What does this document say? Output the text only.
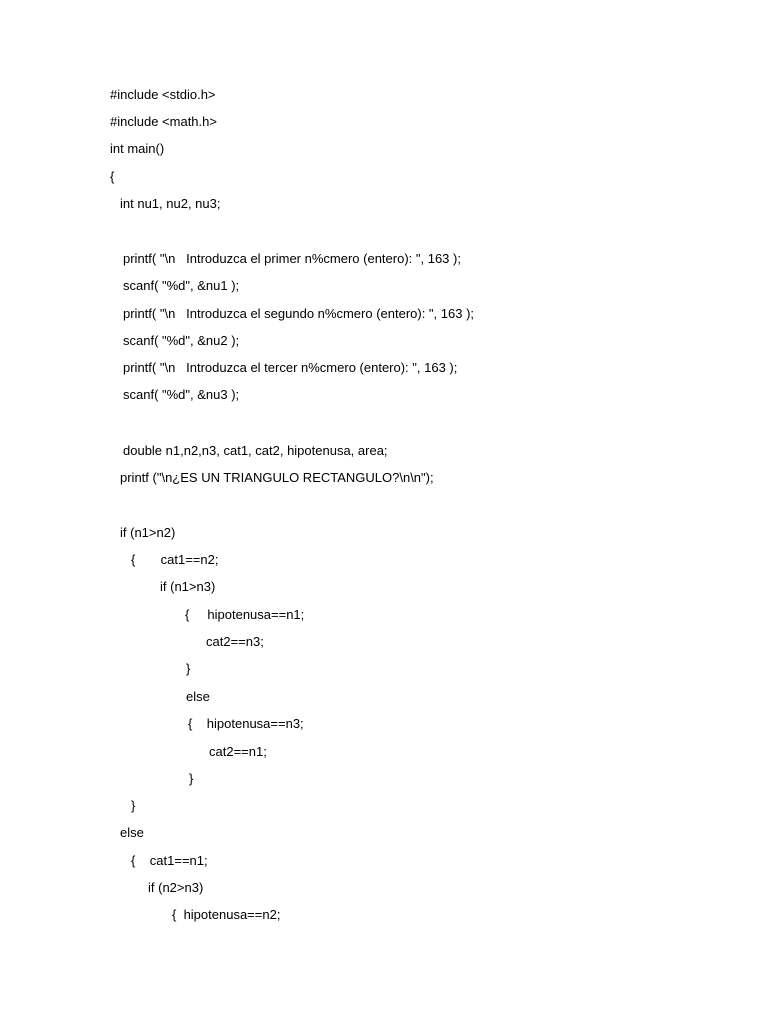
#include <stdio.h>
#include <math.h>
int main()
{
int nu1, nu2, nu3;
printf( "\n   Introduzca el primer n%cmero (entero): ", 163 );
scanf( "%d", &nu1 );
printf( "\n   Introduzca el segundo n%cmero (entero): ", 163 );
scanf( "%d", &nu2 );
printf( "\n   Introduzca el tercer n%cmero (entero): ", 163 );
scanf( "%d", &nu3 );
double n1,n2,n3, cat1, cat2, hipotenusa, area;
printf ("\n¿ES UN TRIANGULO RECTANGULO?\n\n");
if (n1>n2)
{       cat1==n2;
if (n1>n3)
{     hipotenusa==n1;
cat2==n3;
}
else
{    hipotenusa==n3;
cat2==n1;
}
}
else
{    cat1==n1;
if (n2>n3)
{  hipotenusa==n2;
